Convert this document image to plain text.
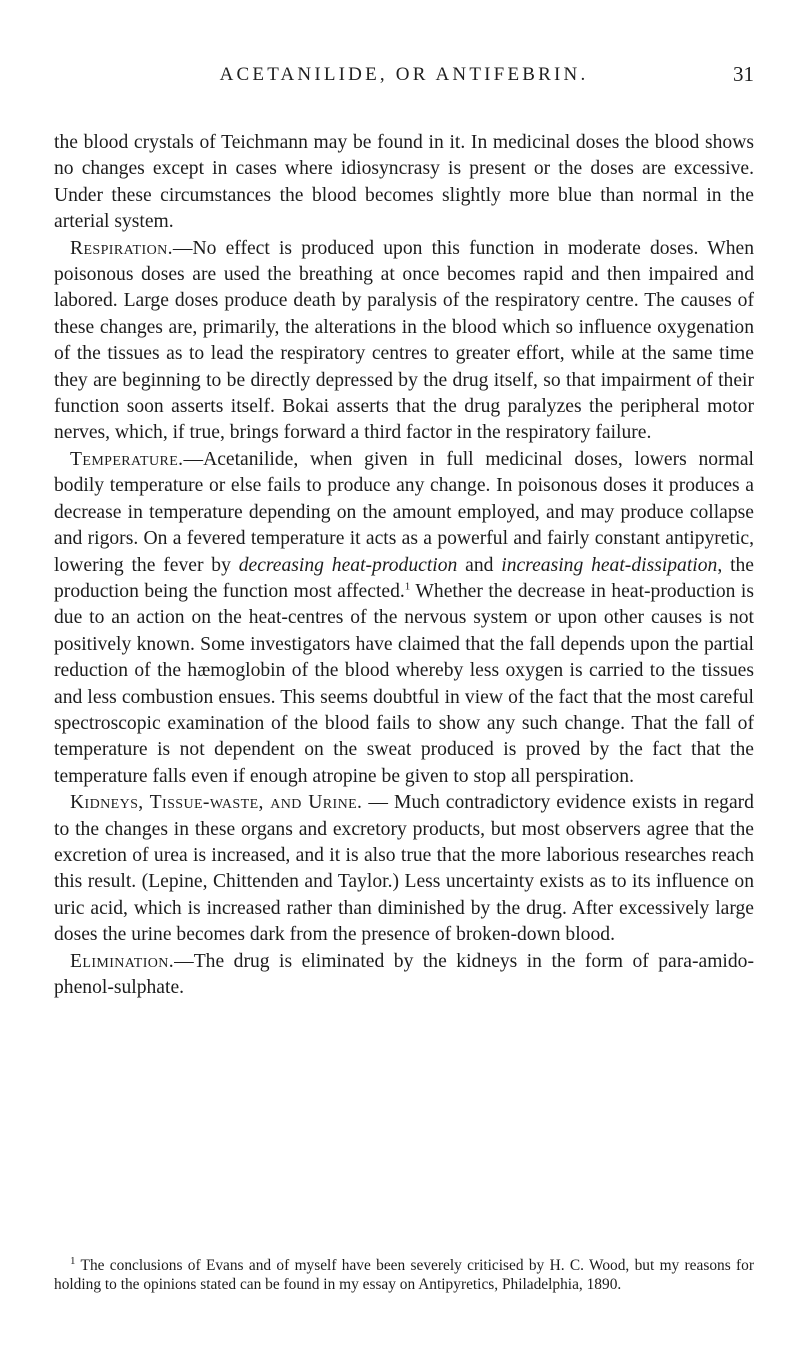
ACETANILIDE, OR ANTIFEBRIN.	31

the blood crystals of Teichmann may be found in it. In medicinal doses the blood shows no changes except in cases where idiosyncrasy is present or the doses are excessive. Under these circumstances the blood becomes slightly more blue than normal in the arterial system.

Respiration.—No effect is produced upon this function in moderate doses. When poisonous doses are used the breathing at once becomes rapid and then impaired and labored. Large doses produce death by paralysis of the respiratory centre. The causes of these changes are, primarily, the alterations in the blood which so influence oxygenation of the tissues as to lead the respiratory centres to greater effort, while at the same time they are beginning to be directly depressed by the drug itself, so that impairment of their function soon asserts itself. Bokai asserts that the drug paralyzes the peripheral motor nerves, which, if true, brings forward a third factor in the respiratory failure.

Temperature.—Acetanilide, when given in full medicinal doses, lowers normal bodily temperature or else fails to produce any change. In poisonous doses it produces a decrease in temperature depending on the amount employed, and may produce collapse and rigors. On a fevered temperature it acts as a powerful and fairly constant antipyretic, lowering the fever by decreasing heat-production and increasing heat-dissipation, the production being the function most affected.$^1$ Whether the decrease in heat-production is due to an action on the heat-centres of the nervous system or upon other causes is not positively known. Some investigators have claimed that the fall depends upon the partial reduction of the hæmoglobin of the blood whereby less oxygen is carried to the tissues and less combustion ensues. This seems doubtful in view of the fact that the most careful spectroscopic examination of the blood fails to show any such change. That the fall of temperature is not dependent on the sweat produced is proved by the fact that the temperature falls even if enough atropine be given to stop all perspiration.

Kidneys, Tissue-waste, and Urine. — Much contradictory evidence exists in regard to the changes in these organs and excretory products, but most observers agree that the excretion of urea is increased, and it is also true that the more laborious researches reach this result. (Lepine, Chittenden and Taylor.) Less uncertainty exists as to its influence on uric acid, which is increased rather than diminished by the drug. After excessively large doses the urine becomes dark from the presence of broken-down blood.

Elimination.—The drug is eliminated by the kidneys in the form of para-amido-phenol-sulphate.

$^1$ The conclusions of Evans and of myself have been severely criticised by H. C. Wood, but my reasons for holding to the opinions stated can be found in my essay on Antipyretics, Philadelphia, 1890.
